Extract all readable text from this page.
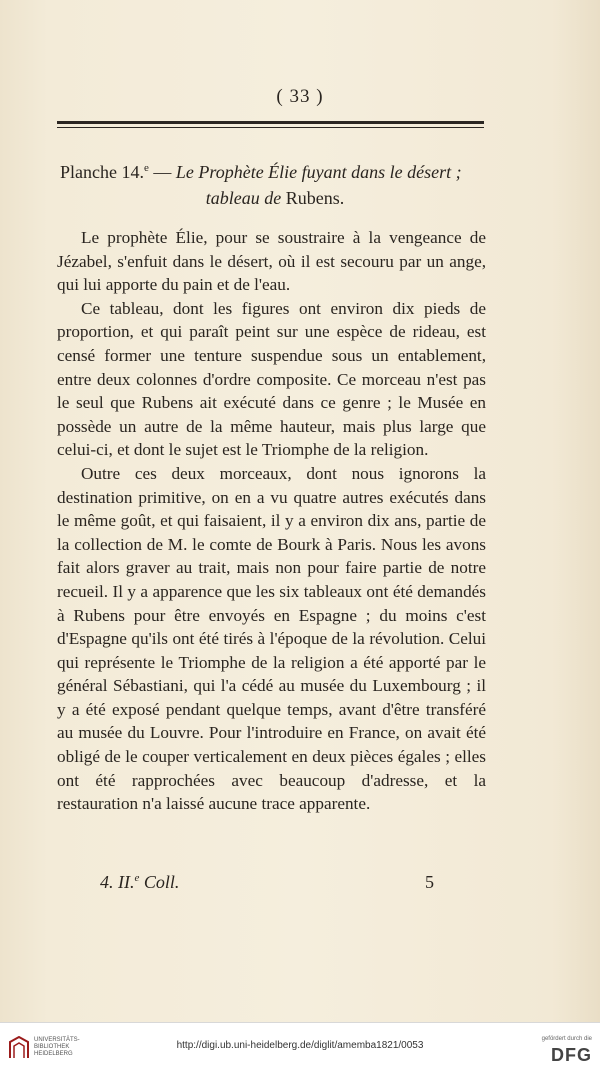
( 33 )
Planche 14.$^e$ — Le Prophète Élie fuyant dans le désert ;
tableau de Rubens.

Le prophète Élie, pour se soustraire à la vengeance de Jézabel, s'enfuit dans le désert, où il est secouru par un ange, qui lui apporte du pain et de l'eau.

Ce tableau, dont les figures ont environ dix pieds de proportion, et qui paraît peint sur une espèce de rideau, est censé former une tenture suspendue sous un entablement, entre deux colonnes d'ordre composite. Ce morceau n'est pas le seul que Rubens ait exécuté dans ce genre ; le Musée en possède un autre de la même hauteur, mais plus large que celui-ci, et dont le sujet est le Triomphe de la religion.

Outre ces deux morceaux, dont nous ignorons la destination primitive, on en a vu quatre autres exécutés dans le même goût, et qui faisaient, il y a environ dix ans, partie de la collection de M. le comte de Bourk à Paris. Nous les avons fait alors graver au trait, mais non pour faire partie de notre recueil. Il y a apparence que les six tableaux ont été demandés à Rubens pour être envoyés en Espagne ; du moins c'est d'Espagne qu'ils ont été tirés à l'époque de la révolution. Celui qui représente le Triomphe de la religion a été apporté par le général Sébastiani, qui l'a cédé au musée du Luxembourg ; il y a été exposé pendant quelque temps, avant d'être transféré au musée du Louvre. Pour l'introduire en France, on avait été obligé de le couper verticalement en deux pièces égales ; elles ont été rapprochées avec beaucoup d'adresse, et la restauration n'a laissé aucune trace apparente.

4. II.$^e$ Coll.	5
UNIVERSITÄTS-
BIBLIOTHEK
HEIDELBERG
http://digi.ub.uni-heidelberg.de/diglit/amemba1821/0053
gefördert durch die
DFG
